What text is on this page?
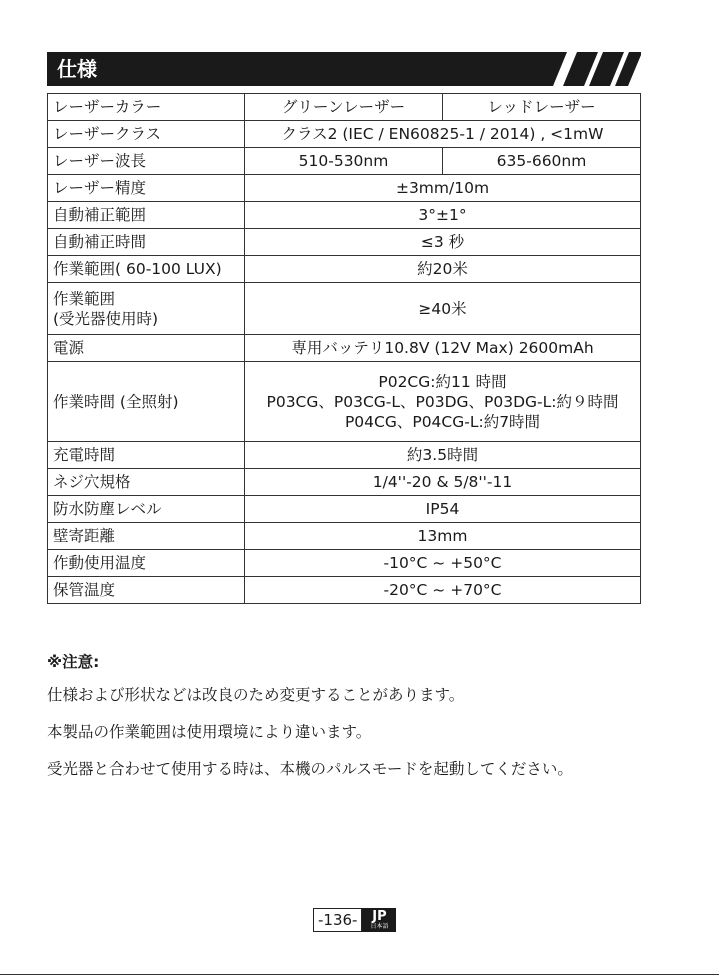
仕様
レーザーカラー	グリーンレーザー	レッドレーザー
レーザークラス	クラス2 (IEC / EN60825-1 / 2014) , <1mW	
レーザー波長	510-530nm	635-660nm
レーザー精度	±3mm/10m	
自動補正範囲	3°±1°	
自動補正時間	≤3 秒	
作業範囲( 60-100 LUX)	約20米	

作業範囲
(受光器使用時)	≥40米	
電源	専用バッテリ10.8V (12V Max) 2600mAh	
作業時間 (全照射)	P02CG:約11 時間
P03CG、P03CG-L、P03DG、P03DG-L:約９時間
P04CG、P04CG-L:約7時間	

充電時間	約3.5時間	
ネジ穴規格	1/4''-20 & 5/8''-11	
防水防塵レベル	IP54	
壁寄距離	13mm	
作動使用温度	-10°C ~ +50°C	
保管温度	-20°C ~ +70°C	
※注意:
仕様および形状などは改良のため変更することがあります。
本製品の作業範囲は使用環境により違います。
受光器と合わせて使用する時は、本機のパルスモードを起動してください。
-136-	JP
日本語
